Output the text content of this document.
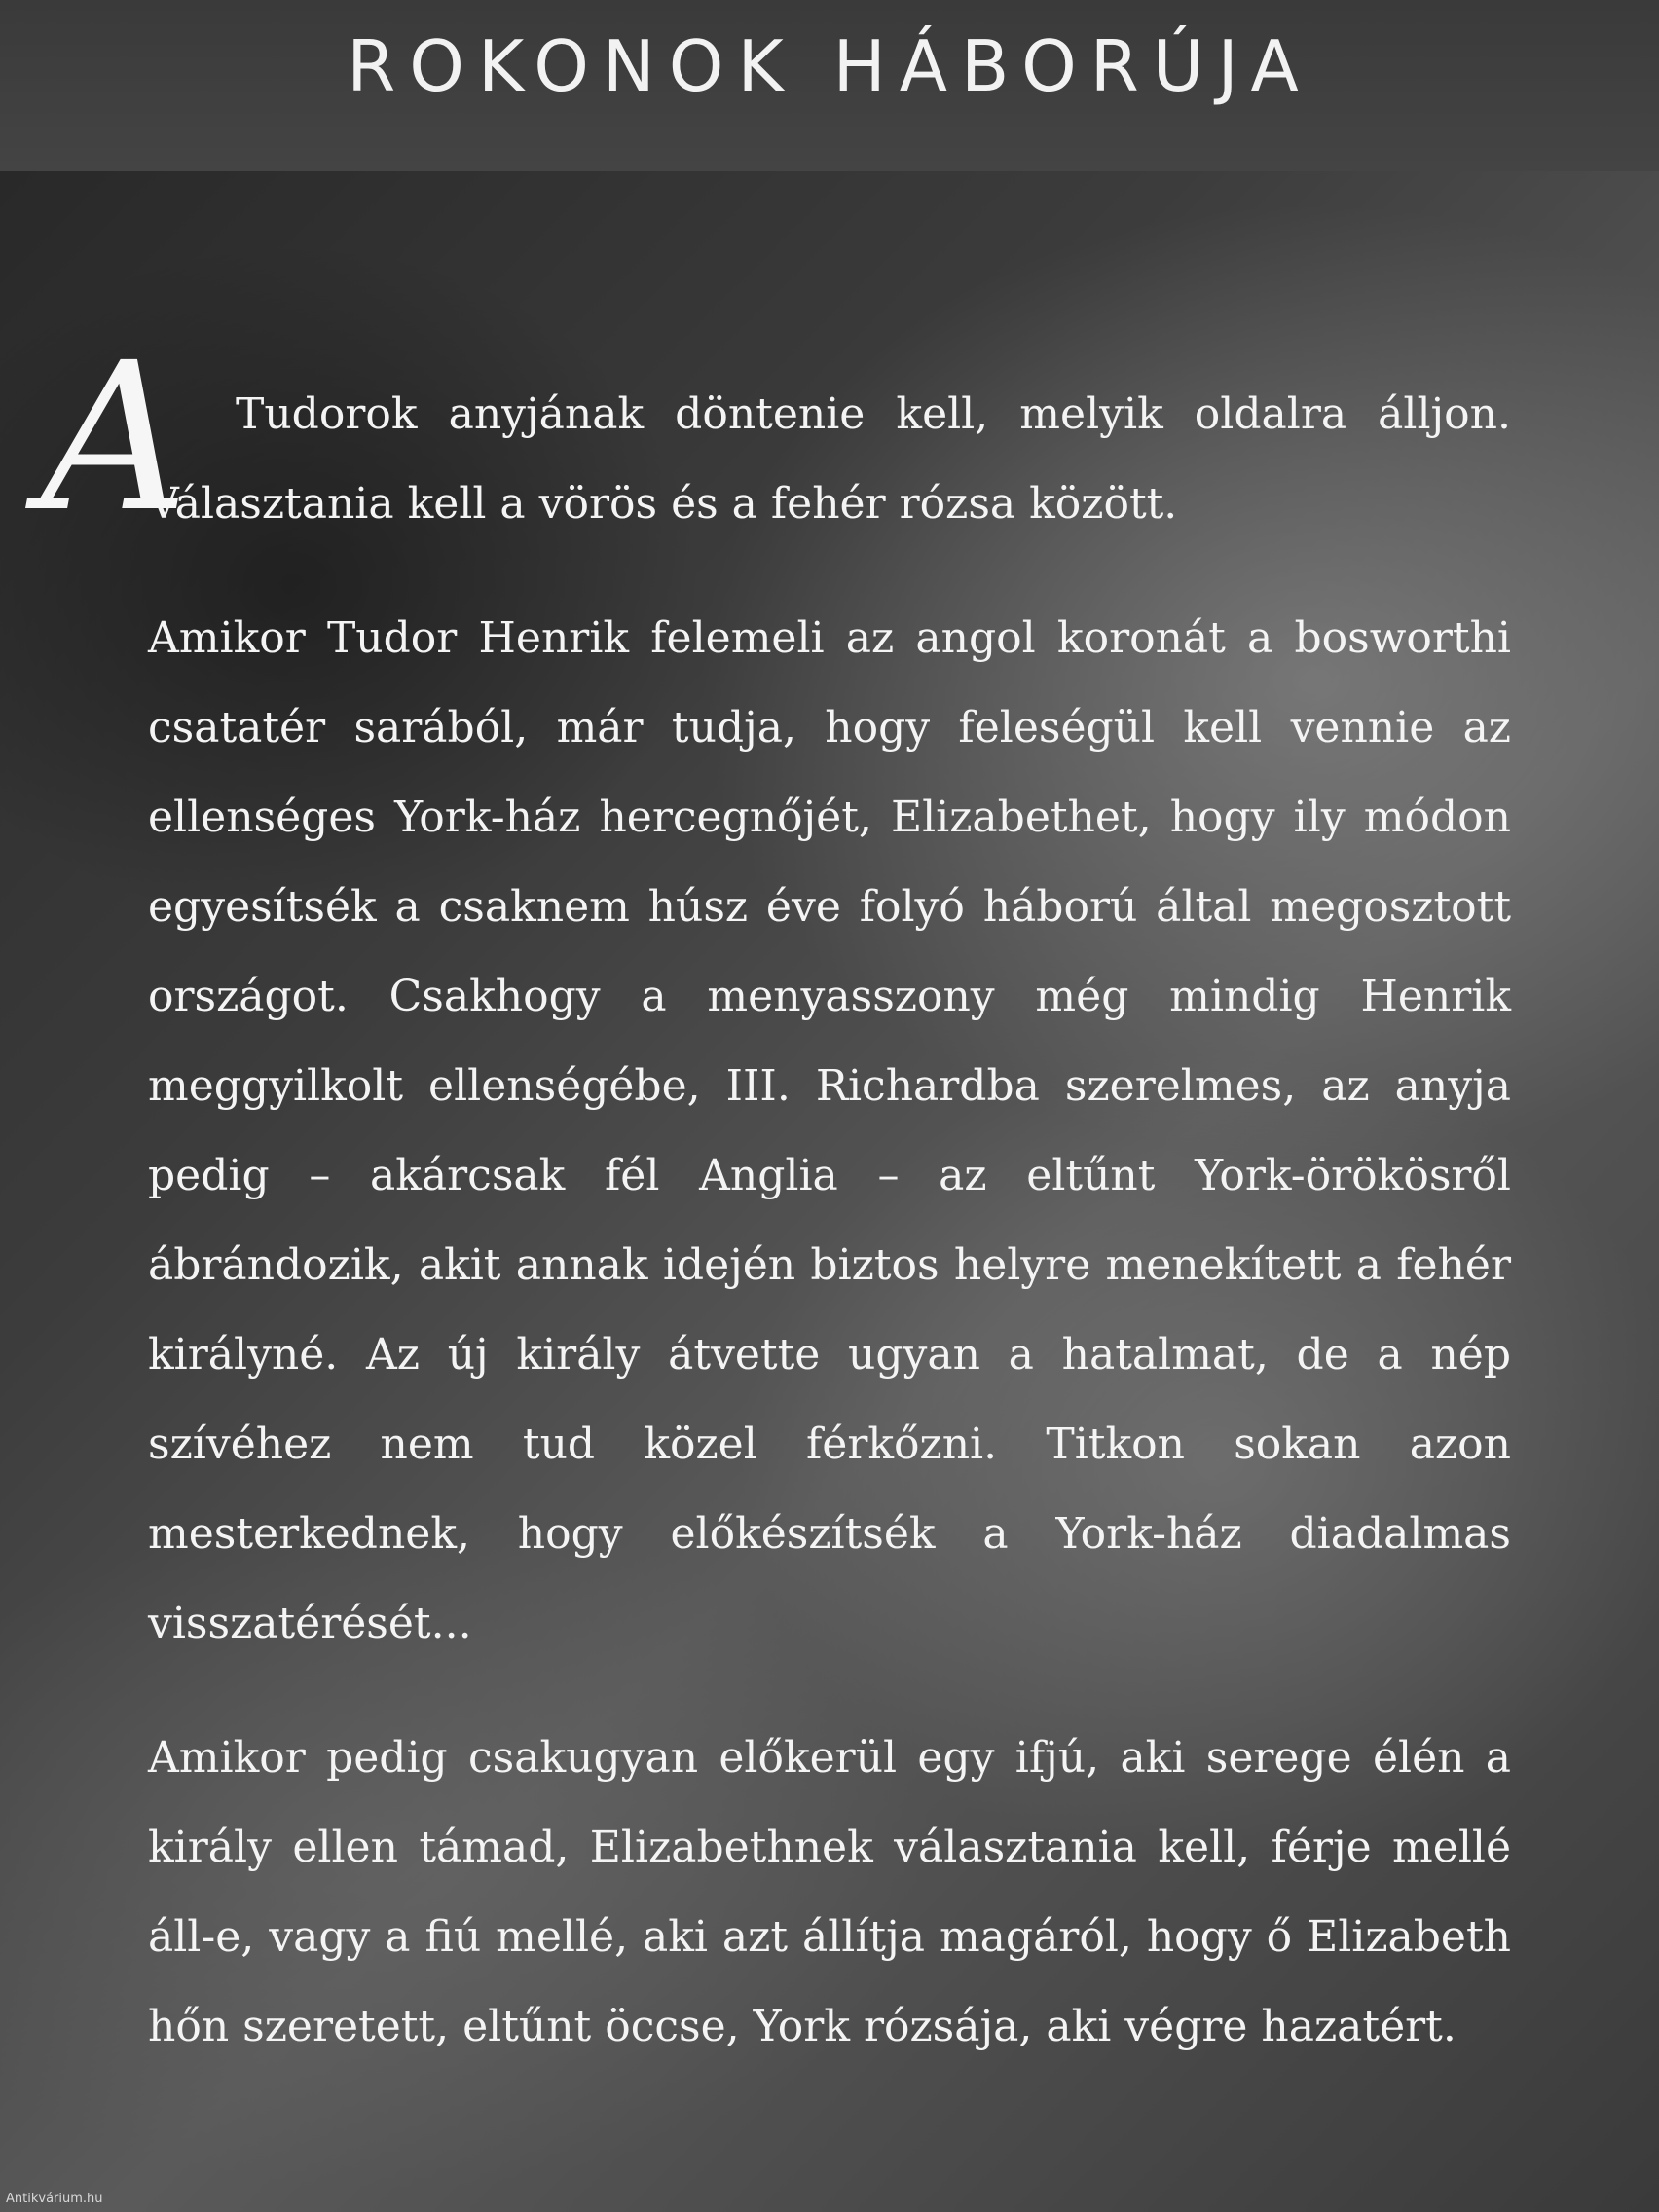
ROKONOK HÁBORÚJA

A Tudorok anyjának döntenie kell, melyik oldalra álljon. Választania kell a vörös és a fehér rózsa között.

Amikor Tudor Henrik felemeli az angol koronát a bosworthi csatatér sarából, már tudja, hogy feleségül kell vennie az ellenséges York-ház hercegnőjét, Elizabethet, hogy ily módon egyesítsék a csaknem húsz éve folyó háború által megosztott országot. Csakhogy a menyasszony még mindig Henrik meggyilkolt ellenségébe, III. Richardba szerelmes, az anyja pedig – akárcsak fél Anglia – az eltűnt York-örökösről ábrándozik, akit annak idején biztos helyre menekített a fehér királyné. Az új király átvette ugyan a hatalmat, de a nép szívéhez nem tud közel férkőzni. Titkon sokan azon mesterkednek, hogy előkészítsék a York-ház diadalmas visszatérését...

Amikor pedig csakugyan előkerül egy ifjú, aki serege élén a király ellen támad, Elizabethnek választania kell, férje mellé áll-e, vagy a fiú mellé, aki azt állítja magáról, hogy ő Elizabeth hőn szeretett, eltűnt öccse, York rózsája, aki végre hazatért.

Antikvárium.hu
